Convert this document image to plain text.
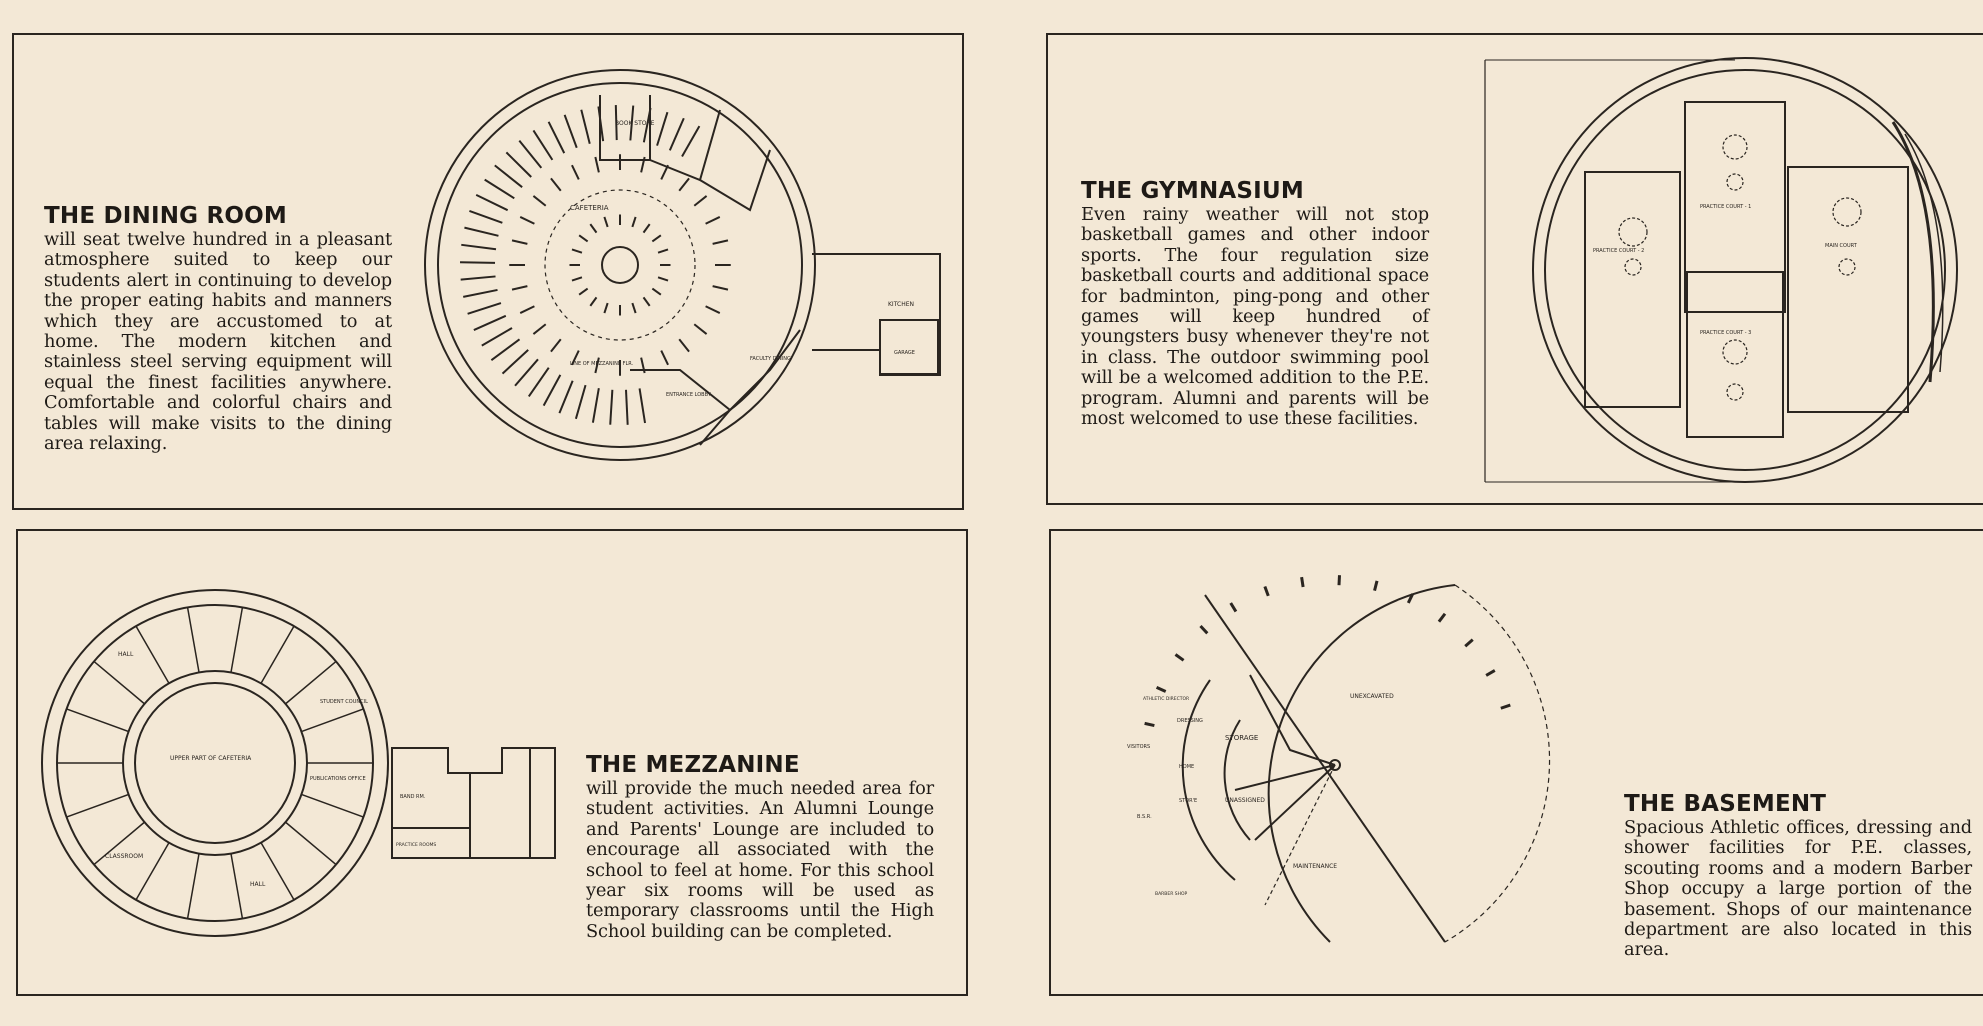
THE DINING ROOM

will seat twelve hundred in a pleasant atmosphere suited to keep our students alert in continuing to develop the proper eating habits and manners which they are accustomed to at home. The modern kitchen and stainless steel serving equipment will equal the finest facilities anywhere. Comfortable and colorful chairs and tables will make visits to the dining area relaxing.

BOOK STORE
CAFETERIA
KITCHEN
GARAGE
ENTRANCE LOBBY
FACULTY DINING
LINE OF MEZZANINE FLR.
THE GYMNASIUM

Even rainy weather will not stop basketball games and other indoor sports. The four regulation size basketball courts and additional space for badminton, ping-pong and other games will keep hundred of youngsters busy whenever they're not in class. The outdoor swimming pool will be a welcomed addition to the P.E. program. Alumni and parents will be most welcomed to use these facilities.

PRACTICE COURT - 2
PRACTICE COURT - 1
PRACTICE COURT - 3
MAIN COURT
UPPER PART OF CAFETERIA
HALL
HALL
STUDENT COUNCIL
PUBLICATIONS OFFICE
CLASSROOM
BAND RM.
PRACTICE ROOMS
THE MEZZANINE

will provide the much needed area for student activities. An Alumni Lounge and Parents' Lounge are included to encourage all associated with the school to feel at home. For this school year six rooms will be used as temporary classrooms until the High School building can be completed.

UNEXCAVATED
STORAGE
UNASSIGNED
MAINTENANCE
DRESSING
HOME
VISITORS
STOR'E
BARBER SHOP
ATHLETIC DIRECTOR
B.S.R.	THE BASEMENT

Spacious Athletic offices, dressing and shower facilities for P.E. classes, scouting rooms and a modern Barber Shop occupy a large portion of the basement. Shops of our maintenance department are also located in this area.
